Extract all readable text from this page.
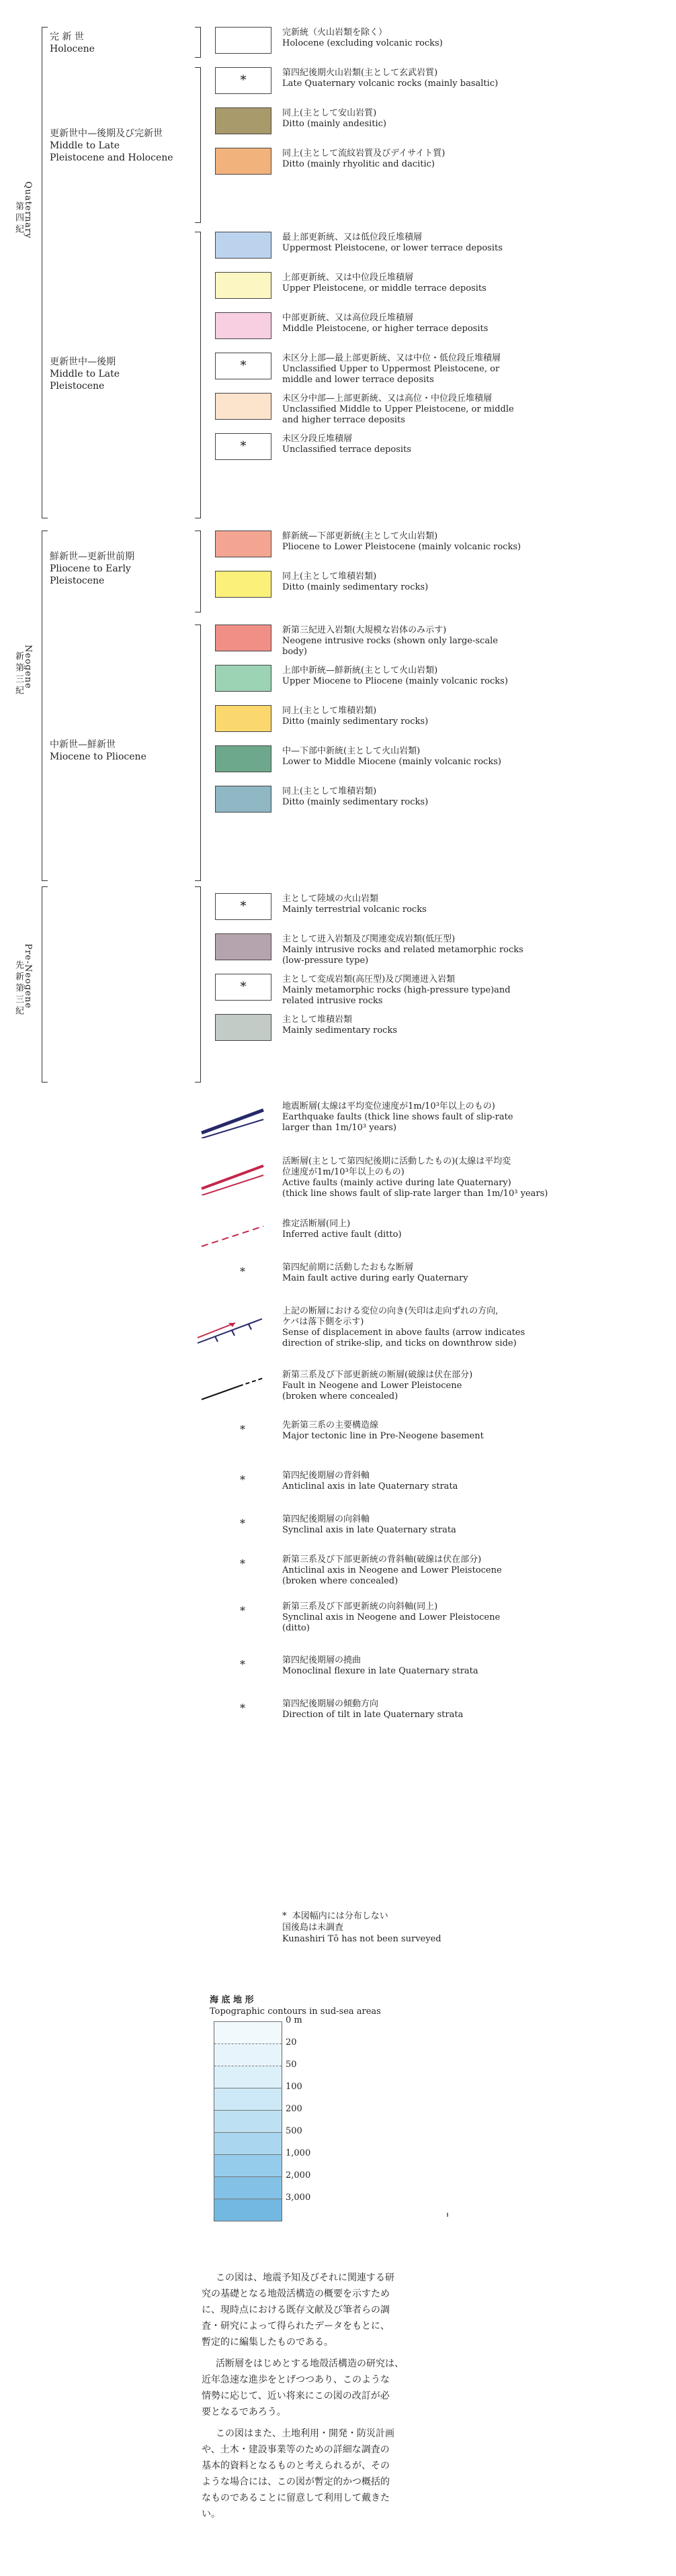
第四紀 Quaternary
新第三紀 Neogene
先新第三紀 Pre-Neogene
完 新 世
Holocene
更新世中—後期及び完新世
Middle to Late
Pleistocene and Holocene
更新世中—後期
Middle to Late
Pleistocene
鮮新世—更新世前期
Pliocene to Early
Pleistocene
中新世—鮮新世
Miocene to Pliocene
完新統（火山岩類を除く）
Holocene (excluding volcanic rocks)
*
第四紀後期火山岩類(主として玄武岩質)
Late Quaternary volcanic rocks (mainly basaltic)
同上(主として安山岩質)
Ditto (mainly andesitic)
同上(主として流紋岩質及びデイサイト質)
Ditto (mainly rhyolitic and dacitic)
最上部更新統、又は低位段丘堆積層
Uppermost Pleistocene, or lower terrace deposits
上部更新統、又は中位段丘堆積層
Upper Pleistocene, or middle terrace deposits
中部更新統、又は高位段丘堆積層
Middle Pleistocene, or higher terrace deposits
*
未区分上部—最上部更新統、又は中位・低位段丘堆積層
Unclassified Upper to Uppermost Pleistocene, or
middle and lower terrace deposits
未区分中部—上部更新統、又は高位・中位段丘堆積層
Unclassified Middle to Upper Pleistocene, or middle
and higher terrace deposits
*
未区分段丘堆積層
Unclassified terrace deposits
鮮新統—下部更新統(主として火山岩類)
Pliocene to Lower Pleistocene (mainly volcanic rocks)
同上(主として堆積岩類)
Ditto (mainly sedimentary rocks)
新第三紀迸入岩類(大規模な岩体のみ示す)
Neogene intrusive rocks (shown only large-scale
body)
上部中新統—鮮新統(主として火山岩類)
Upper Miocene to Pliocene (mainly volcanic rocks)
同上(主として堆積岩類)
Ditto (mainly sedimentary rocks)
中—下部中新統(主として火山岩類)
Lower to Middle Miocene (mainly volcanic rocks)
同上(主として堆積岩類)
Ditto (mainly sedimentary rocks)
*
主として陸域の火山岩類
Mainly terrestrial volcanic rocks
主として迸入岩類及び関連変成岩類(低圧型)
Mainly intrusive rocks and related metamorphic rocks
(low-pressure type)
*
主として変成岩類(高圧型)及び関連迸入岩類
Mainly metamorphic rocks (high-pressure type)and
related intrusive rocks
主として堆積岩類
Mainly sedimentary rocks
地震断層(太線は平均変位速度が1m/10³年以上のもの)
Earthquake faults (thick line shows fault of slip-rate
larger than 1m/10³ years)
活断層(主として第四紀後期に活動したもの)(太線は平均変
位速度が1m/10³年以上のもの)
Active faults (mainly active during late Quaternary)
(thick line shows fault of slip-rate larger than 1m/10³ years)
推定活断層(同上)
Inferred active fault (ditto)
*	第四紀前期に活動したおもな断層
Main fault active during early Quaternary
上記の断層における変位の向き(矢印は走向ずれの方向,
ケバは落下側を示す)
Sense of displacement in above faults (arrow indicates
direction of strike-slip, and ticks on downthrow side)
新第三系及び下部更新統の断層(破線は伏在部分)
Fault in Neogene and Lower Pleistocene
(broken where concealed)
*	先新第三系の主要構造線
Major tectonic line in Pre-Neogene basement
*	第四紀後期層の背斜軸
Anticlinal axis in late Quaternary strata
*	第四紀後期層の向斜軸
Synclinal axis in late Quaternary strata
*	新第三系及び下部更新統の背斜軸(破線は伏在部分)
Anticlinal axis in Neogene and Lower Pleistocene
(broken where concealed)
*	新第三系及び下部更新統の向斜軸(同上)
Synclinal axis in Neogene and Lower Pleistocene
(ditto)
*	第四紀後期層の撓曲
Monoclinal flexure in late Quaternary strata
*	第四紀後期層の傾動方向
Direction of tilt in late Quaternary strata
* 本図幅内には分布しない
国後島は未調査
Kunashiri Tō has not been surveyed
海 底 地 形
Topographic contours in sud-sea areas
0 m
20
50
100
200
500
1,000
2,000
3,000
この図は、地震予知及びそれに関連する研
究の基礎となる地殻活構造の概要を示すため
に、現時点における既存文献及び筆者らの調
査・研究によって得られたデータをもとに、
暫定的に編集したものである。
活断層をはじめとする地殻活構造の研究は、
近年急速な進歩をとげつつあり、このような
情勢に応じて、近い将来にこの図の改訂が必
要となるであろう。
この図はまた、土地利用・開発・防災計画
や、土木・建設事業等のための詳細な調査の
基本的資料となるものと考えられるが、その
ような場合には、この図が暫定的かつ概括的
なものであることに留意して利用して戴きた
い。
